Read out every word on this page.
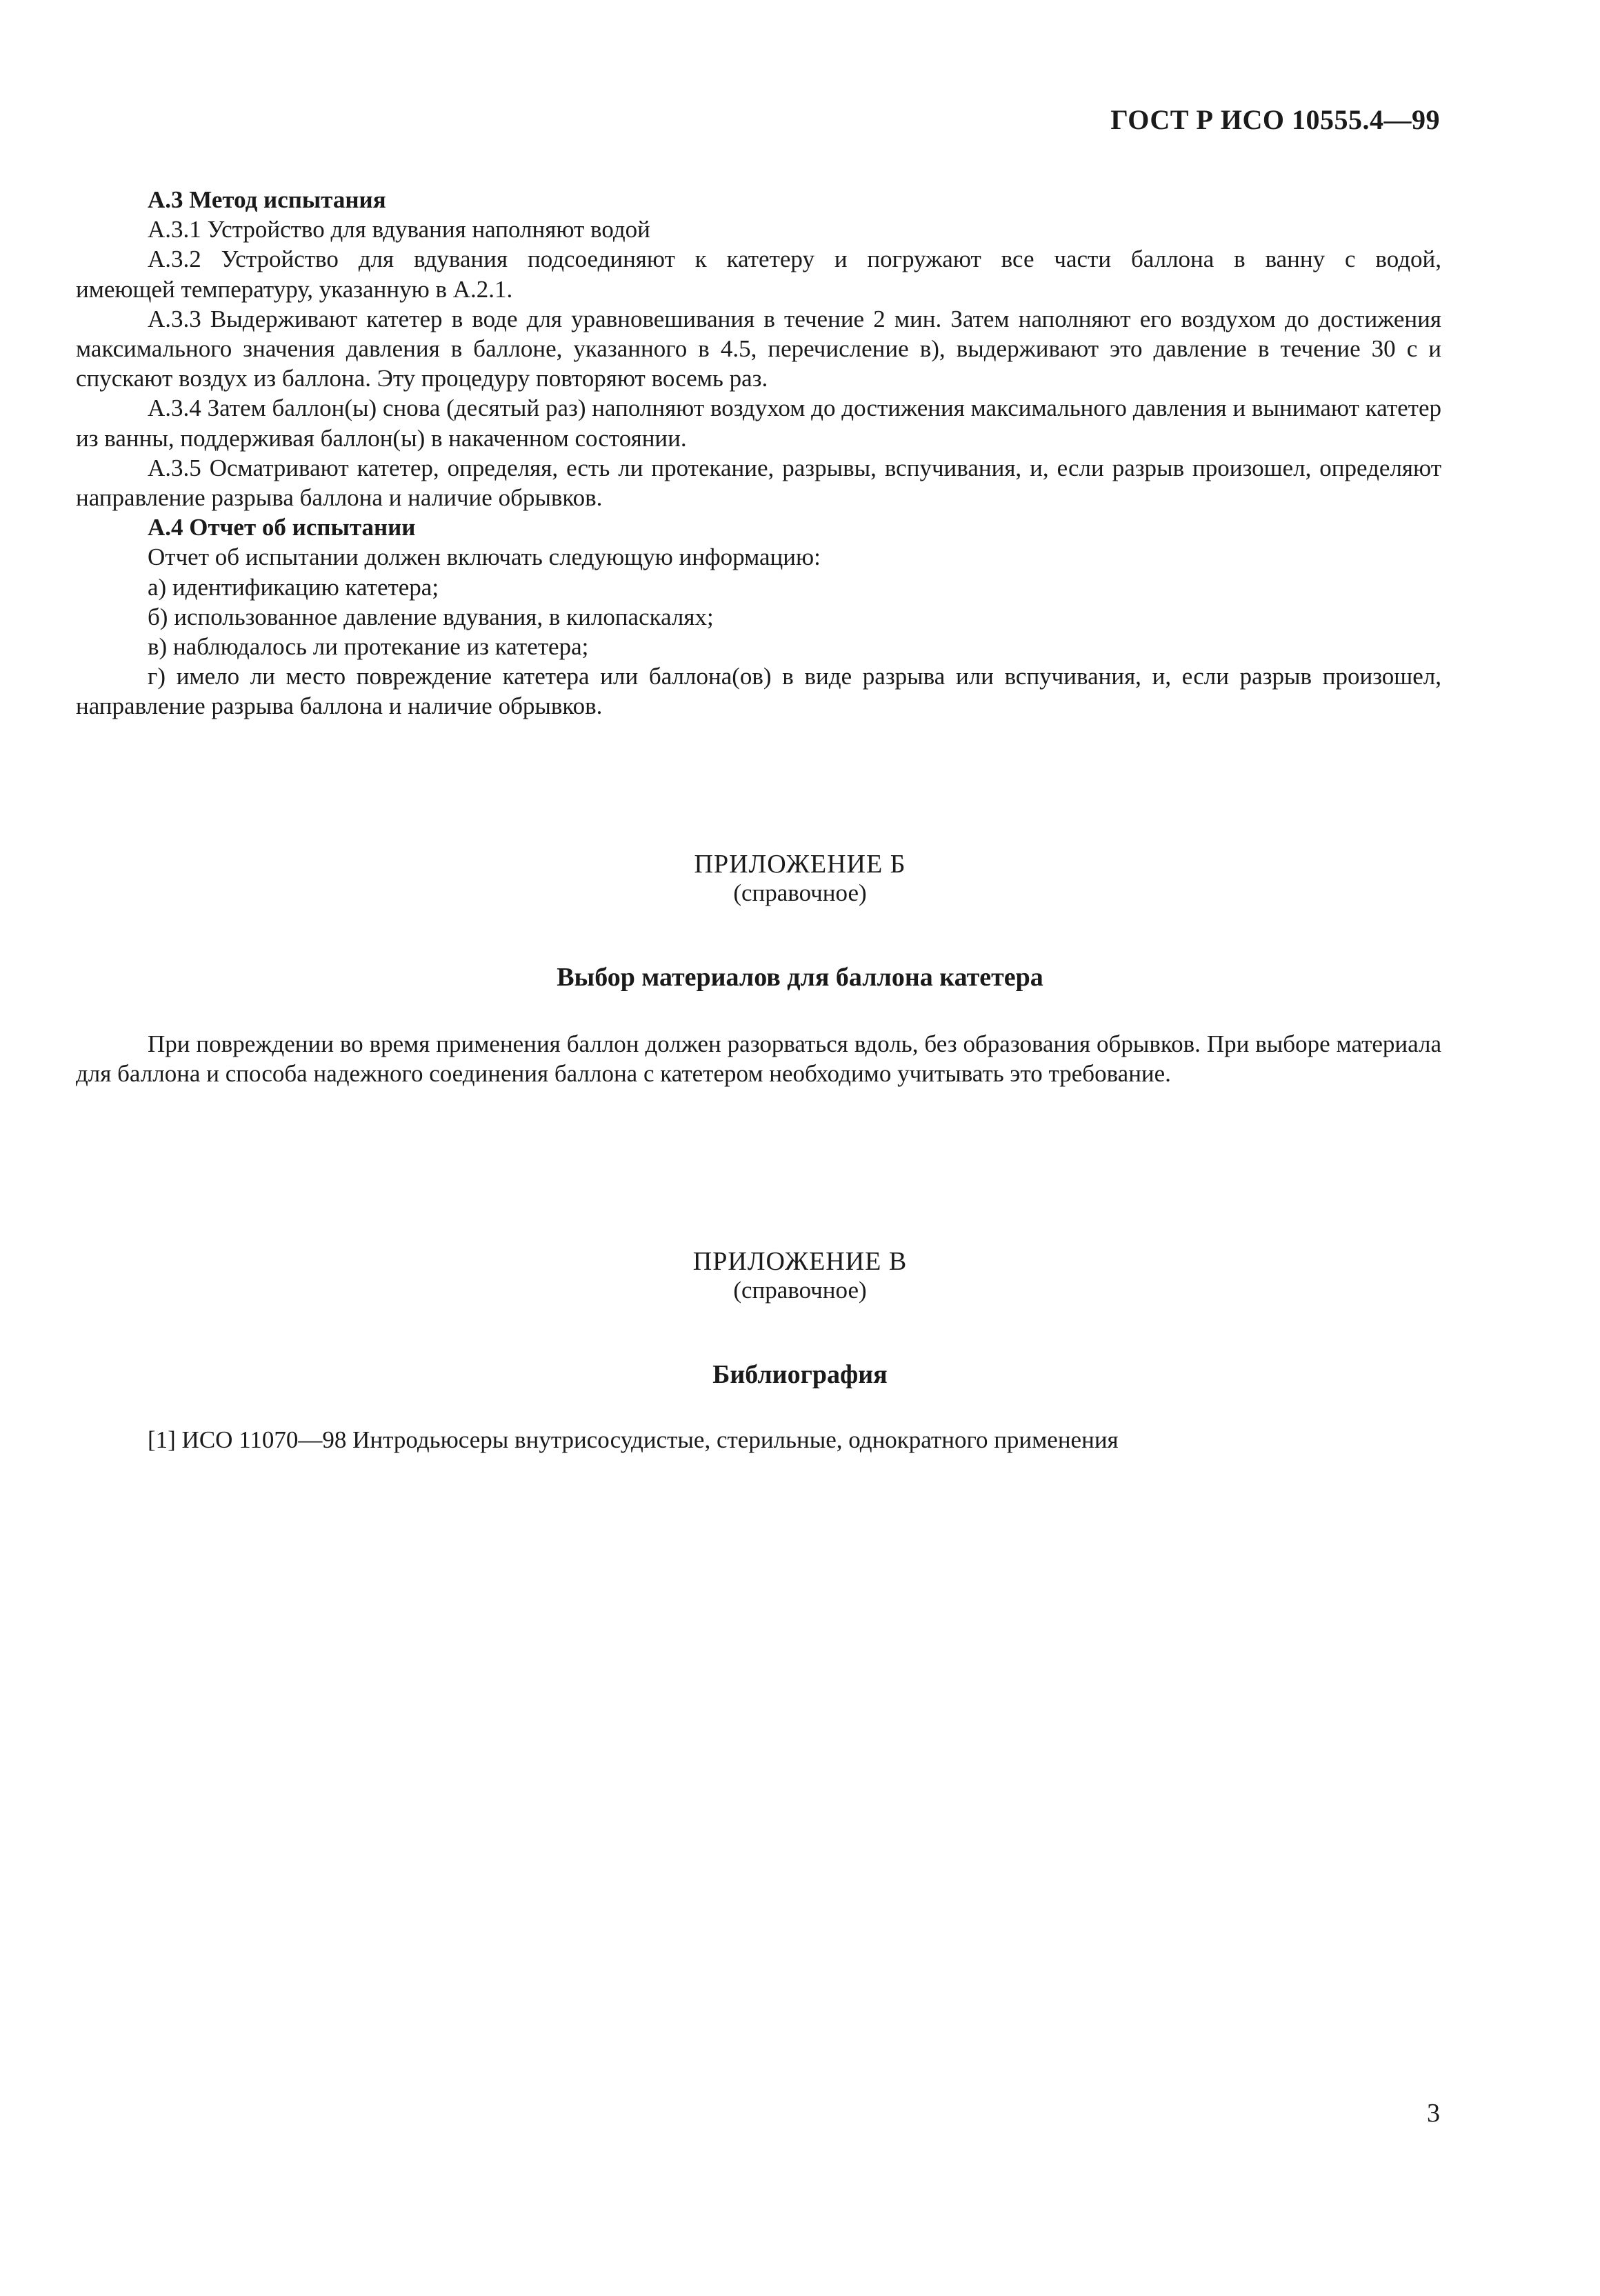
ГОСТ Р ИСО 10555.4—99
А.3 Метод испытания
А.3.1 Устройство для вдувания наполняют водой
А.3.2 Устройство для вдувания подсоединяют к катетеру и погружают все части баллона в ванну с водой,
имеющей температуру, указанную в А.2.1.
А.3.3 Выдерживают катетер в воде для уравновешивания в течение 2 мин. Затем наполняют его воздухом до достижения максимального значения давления в баллоне, указанного в 4.5, перечисление в), выдерживают это давление в течение 30 с и спускают воздух из баллона. Эту процедуру повторяют восемь раз.
А.3.4 Затем баллон(ы) снова (десятый раз) наполняют воздухом до достижения максимального давления и вынимают катетер из ванны, поддерживая баллон(ы) в накаченном состоянии.
А.3.5 Осматривают катетер, определяя, есть ли протекание, разрывы, вспучивания, и, если разрыв произошел, определяют направление разрыва баллона и наличие обрывков.
А.4 Отчет об испытании
Отчет об испытании должен включать следующую информацию:
а) идентификацию катетера;
б) использованное давление вдувания, в килопаскалях;
в) наблюдалось ли протекание из катетера;
г) имело ли место повреждение катетера или баллона(ов) в виде разрыва или вспучивания, и, если разрыв произошел, направление разрыва баллона и наличие обрывков.
ПРИЛОЖЕНИЕ Б
(справочное)
Выбор материалов для баллона катетера
При повреждении во время применения баллон должен разорваться вдоль, без образования обрывков. При выборе материала для баллона и способа надежного соединения баллона с катетером необходимо учитывать это требование.
ПРИЛОЖЕНИЕ В
(справочное)
Библиография
[1] ИСО 11070—98 Интродьюсеры внутрисосудистые, стерильные, однократного применения
3
